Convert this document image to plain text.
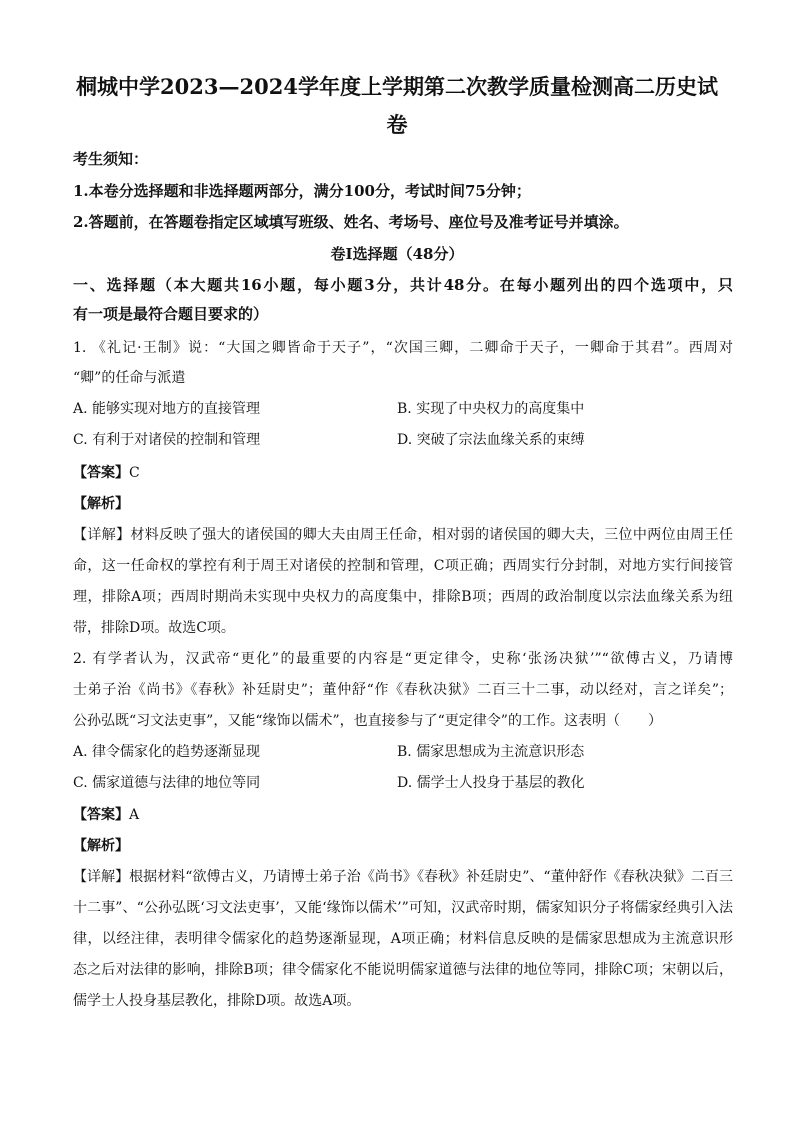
桐城中学2023—2024学年度上学期第二次教学质量检测高二历史试
卷
考生须知：
1.本卷分选择题和非选择题两部分，满分100分，考试时间75分钟；
2.答题前，在答题卷指定区域填写班级、姓名、考场号、座位号及准考证号并填涂。
卷I选择题（48分）
一、选择题（本大题共16小题，每小题3分，共计48分。在每小题列出的四个选项中，只
有一项是最符合题目要求的）
1. 《礼记·王制》说：“大国之卿皆命于天子”，“次国三卿，二卿命于天子，一卿命于其君”。西周对
“卿”的任命与派遣
A. 能够实现对地方的直接管理	B. 实现了中央权力的高度集中
C. 有利于对诸侯的控制和管理	D. 突破了宗法血缘关系的束缚
【答案】C
【解析】
【详解】材料反映了强大的诸侯国的卿大夫由周王任命，相对弱的诸侯国的卿大夫，三位中两位由周王任
命，这一任命权的掌控有利于周王对诸侯的控制和管理，C项正确；西周实行分封制，对地方实行间接管
理，排除A项；西周时期尚未实现中央权力的高度集中，排除B项；西周的政治制度以宗法血缘关系为纽
带，排除D项。故选C项。
2. 有学者认为，汉武帝“更化”的最重要的内容是“更定律令，史称‘张汤决狱’”“欲傅古义，乃请博
士弟子治《尚书》《春秋》补廷尉史”；董仲舒“作《春秋决狱》二百三十二事，动以经对，言之详矣”；
公孙弘既“习文法吏事”，又能“缘饰以儒术”，也直接参与了“更定律令”的工作。这表明（　　）
A. 律令儒家化的趋势逐渐显现	B. 儒家思想成为主流意识形态
C. 儒家道德与法律的地位等同	D. 儒学士人投身于基层的教化
【答案】A
【解析】
【详解】根据材料“欲傅古义，乃请博士弟子治《尚书》《春秋》补廷尉史”、“董仲舒作《春秋决狱》二百三
十二事”、“公孙弘既‘习文法吏事’，又能‘缘饰以儒术’”可知，汉武帝时期，儒家知识分子将儒家经典引入法
律，以经注律，表明律令儒家化的趋势逐渐显现，A项正确；材料信息反映的是儒家思想成为主流意识形
态之后对法律的影响，排除B项；律令儒家化不能说明儒家道德与法律的地位等同，排除C项；宋朝以后，
儒学士人投身基层教化，排除D项。故选A项。
